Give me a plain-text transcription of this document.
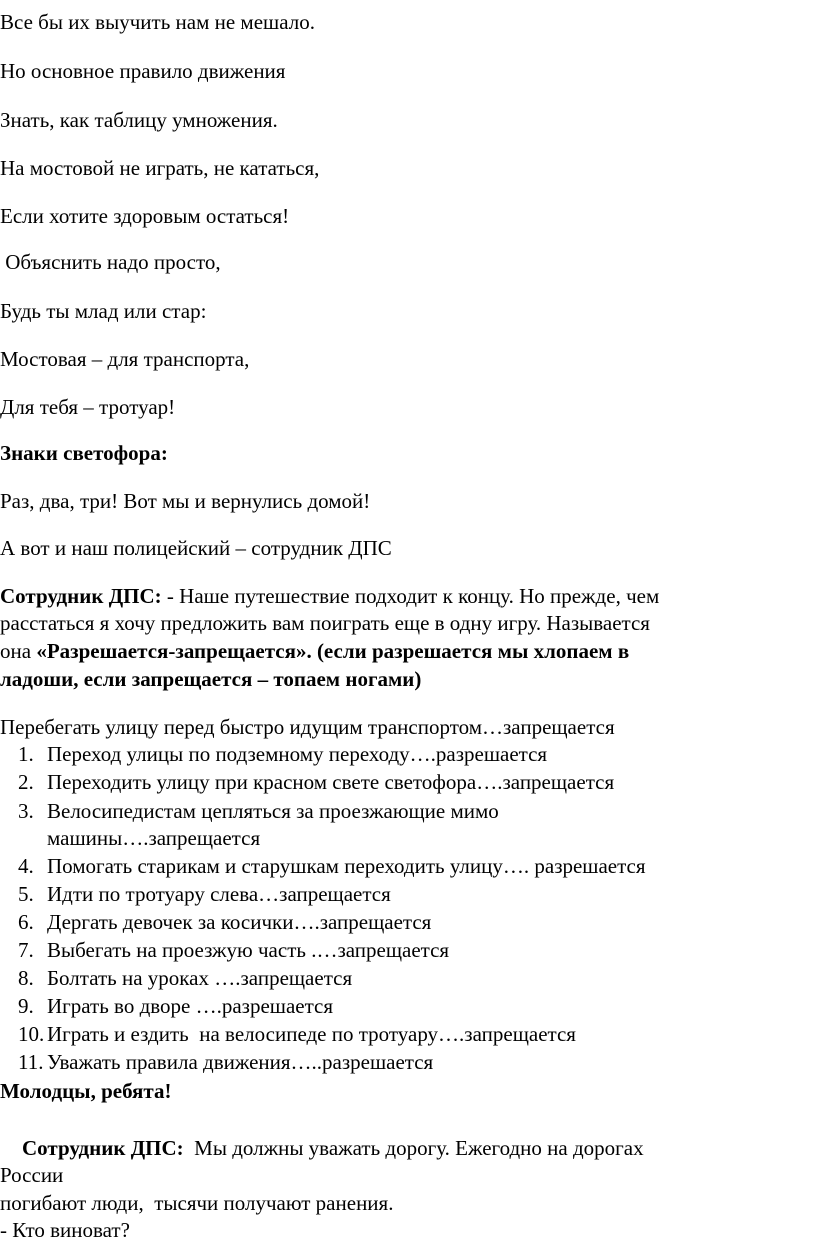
Все бы их выучить нам не мешало.
Но основное правило движения
Знать, как таблицу умножения.
На мостовой не играть, не кататься,
Если хотите здоровым остаться!
Объяснить надо просто,
Будь ты млад или стар:
Мостовая – для транспорта,
Для тебя – тротуар!
Знаки светофора:
Раз, два, три! Вот мы и вернулись домой!
А вот и наш полицейский – сотрудник ДПС
Сотрудник ДПС: - Наше путешествие подходит к концу. Но прежде, чем
расстаться я хочу предложить вам поиграть еще в одну игру. Называется
она «Разрешается-запрещается». (если разрешается мы хлопаем в
ладоши, если запрещается – топаем ногами)
Перебегать улицу перед быстро идущим транспортом…запрещается
1. Переход улицы по подземному переходу….разрешается
2. Переходить улицу при красном свете светофора….запрещается
3. Велосипедистам цепляться за проезжающие мимо
машины….запрещается
4. Помогать старикам и старушкам переходить улицу…. разрешается
5. Идти по тротуару слева…запрещается
6. Дергать девочек за косички….запрещается
7. Выбегать на проезжую часть .…запрещается
8. Болтать на уроках ….запрещается
9. Играть во дворе ….разрешается
10. Играть и ездить  на велосипеде по тротуару….запрещается
11. Уважать правила движения…..разрешается
Молодцы, ребята!
Сотрудник ДПС:  Мы должны уважать дорогу. Ежегодно на дорогах
России
погибают люди,  тысячи получают ранения.
- Кто виноват?
